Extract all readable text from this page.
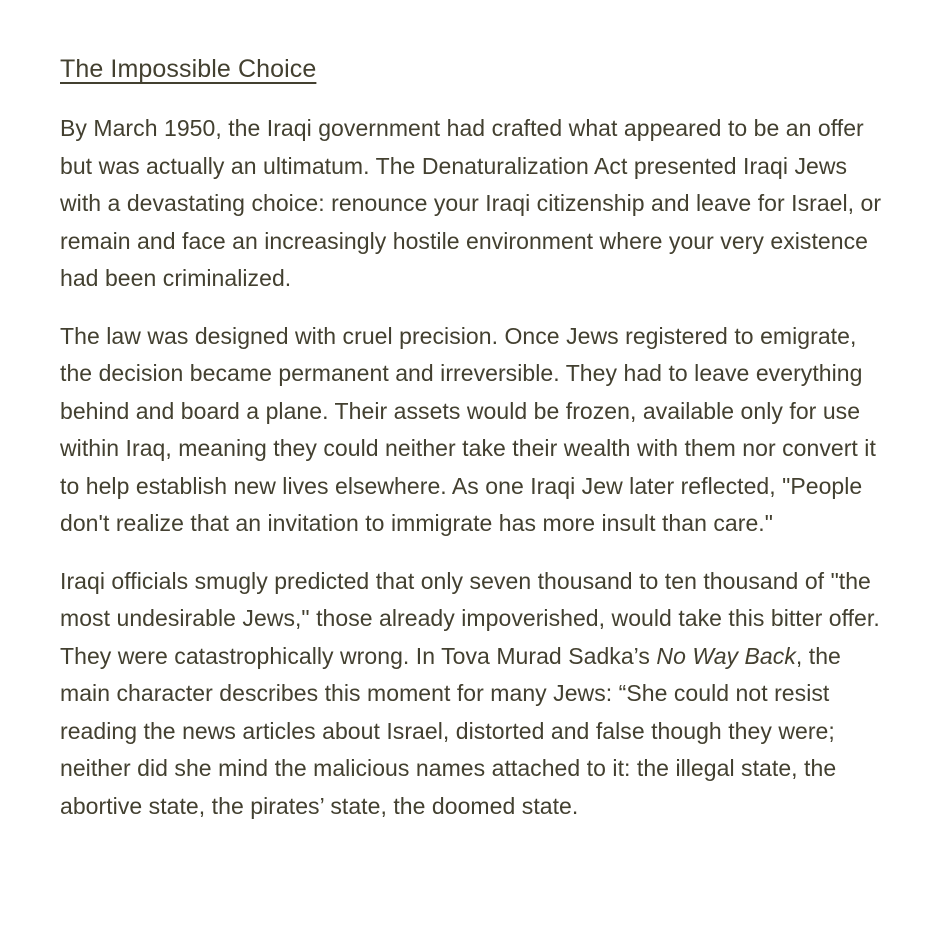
The Impossible Choice

By March 1950, the Iraqi government had crafted what appeared to be an offer but was actually an ultimatum. The Denaturalization Act presented Iraqi Jews with a devastating choice: renounce your Iraqi citizenship and leave for Israel, or remain and face an increasingly hostile environment where your very existence had been criminalized.

The law was designed with cruel precision. Once Jews registered to emigrate, the decision became permanent and irreversible. They had to leave everything behind and board a plane. Their assets would be frozen, available only for use within Iraq, meaning they could neither take their wealth with them nor convert it to help establish new lives elsewhere. As one Iraqi Jew later reflected, "People don't realize that an invitation to immigrate has more insult than care."

Iraqi officials smugly predicted that only seven thousand to ten thousand of "the most undesirable Jews," those already impoverished, would take this bitter offer. They were catastrophically wrong. In Tova Murad Sadka’s No Way Back, the main character describes this moment for many Jews: “She could not resist reading the news articles about Israel, distorted and false though they were; neither did she mind the malicious names attached to it: the illegal state, the abortive state, the pirates’ state, the doomed state.
